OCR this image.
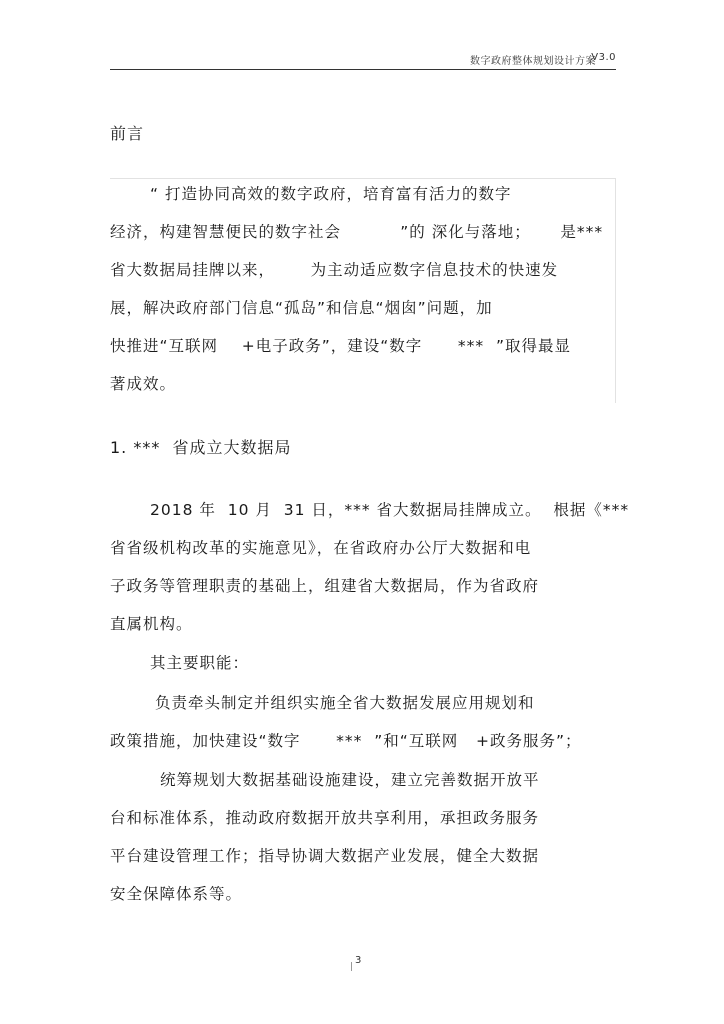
数字政府整体规划设计方案
V3.0
前言
“ 打造协同高效的数字政府，培育富有活力的数字
经济，构建智慧便民的数字社会          ”的 深化与落地；     是***
省大数据局挂牌以来，      为主动适应数字信息技术的快速发
展，解决政府部门信息“孤岛”和信息“烟囱”问题，加
快推进“互联网    +电子政务”，建设“数字      ***  ”取得最显
著成效。
1. ***  省成立大数据局
2018 年  10 月  31 日，*** 省大数据局挂牌成立。  根据《***
省省级机构改革的实施意见》，在省政府办公厅大数据和电
子政务等管理职责的基础上，组建省大数据局，作为省政府
直属机构。
其主要职能：
负责牵头制定并组织实施全省大数据发展应用规划和
政策措施，加快建设“数字      ***  ”和“互联网   +政务服务”；
统筹规划大数据基础设施建设，建立完善数据开放平
台和标准体系，推动政府数据开放共享利用，承担政务服务
平台建设管理工作；指导协调大数据产业发展，健全大数据
安全保障体系等。
3
